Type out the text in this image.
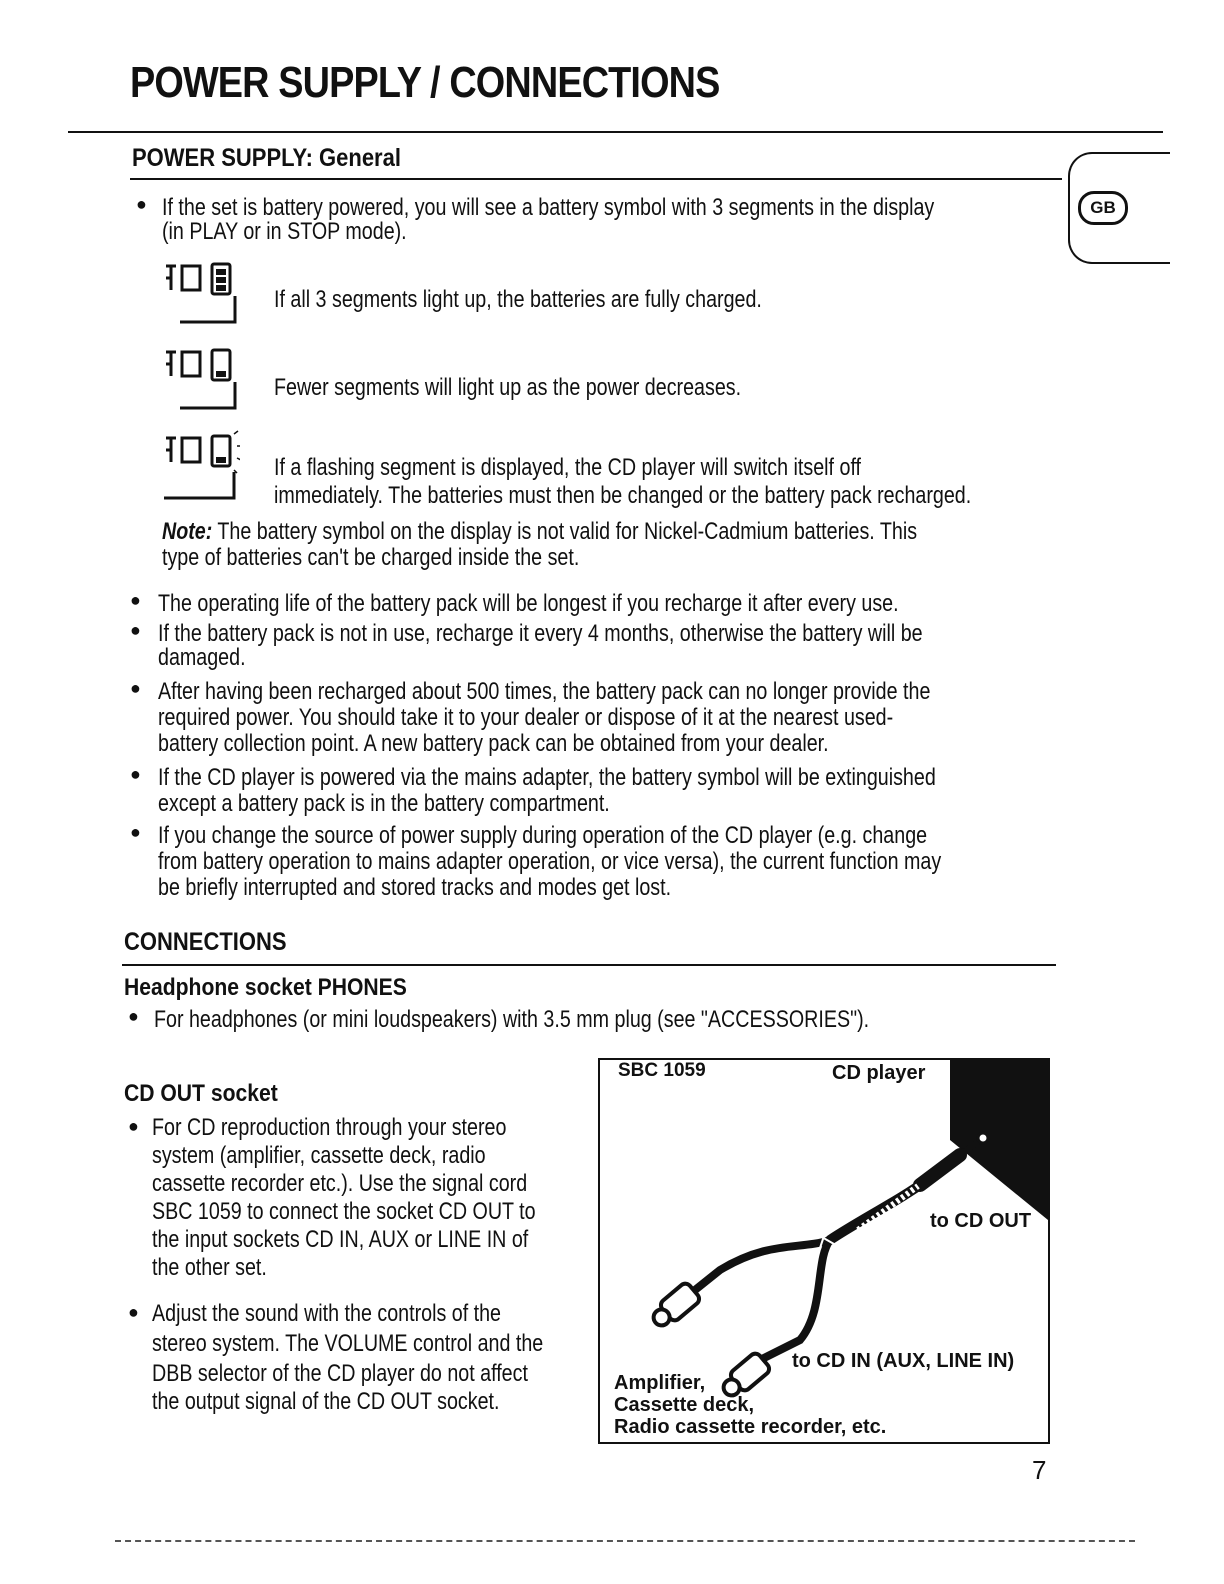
POWER SUPPLY / CONNECTIONS
GB
POWER SUPPLY: General
● If the set is battery powered, you will see a battery symbol with 3 segments in the display
(in PLAY or in STOP mode).
If all 3 segments light up, the batteries are fully charged.
Fewer segments will light up as the power decreases.
If a flashing segment is displayed, the CD player will switch itself off
immediately. The batteries must then be changed or the battery pack recharged.
Note: The battery symbol on the display is not valid for Nickel-Cadmium batteries. This
type of batteries can't be charged inside the set.
● The operating life of the battery pack will be longest if you recharge it after every use.
● If the battery pack is not in use, recharge it every 4 months, otherwise the battery will be
damaged.
● After having been recharged about 500 times, the battery pack can no longer provide the
required power. You should take it to your dealer or dispose of it at the nearest used-
battery collection point. A new battery pack can be obtained from your dealer.
● If the CD player is powered via the mains adapter, the battery symbol will be extinguished
except a battery pack is in the battery compartment.
● If you change the source of power supply during operation of the CD player (e.g. change
from battery operation to mains adapter operation, or vice versa), the current function may
be briefly interrupted and stored tracks and modes get lost.
CONNECTIONS
Headphone socket PHONES
● For headphones (or mini loudspeakers) with 3.5 mm plug (see "ACCESSORIES").
CD OUT socket
● For CD reproduction through your stereo
system (amplifier, cassette deck, radio
cassette recorder etc.). Use the signal cord
SBC 1059 to connect the socket CD OUT to
the input sockets CD IN, AUX or LINE IN of
the other set.
● Adjust the sound with the controls of the
stereo system. The VOLUME control and the
DBB selector of the CD player do not affect
the output signal of the CD OUT socket.
SBC 1059	CD player
to CD OUT
to CD IN (AUX, LINE IN)
Amplifier,
Cassette deck,
Radio cassette recorder, etc.
7
